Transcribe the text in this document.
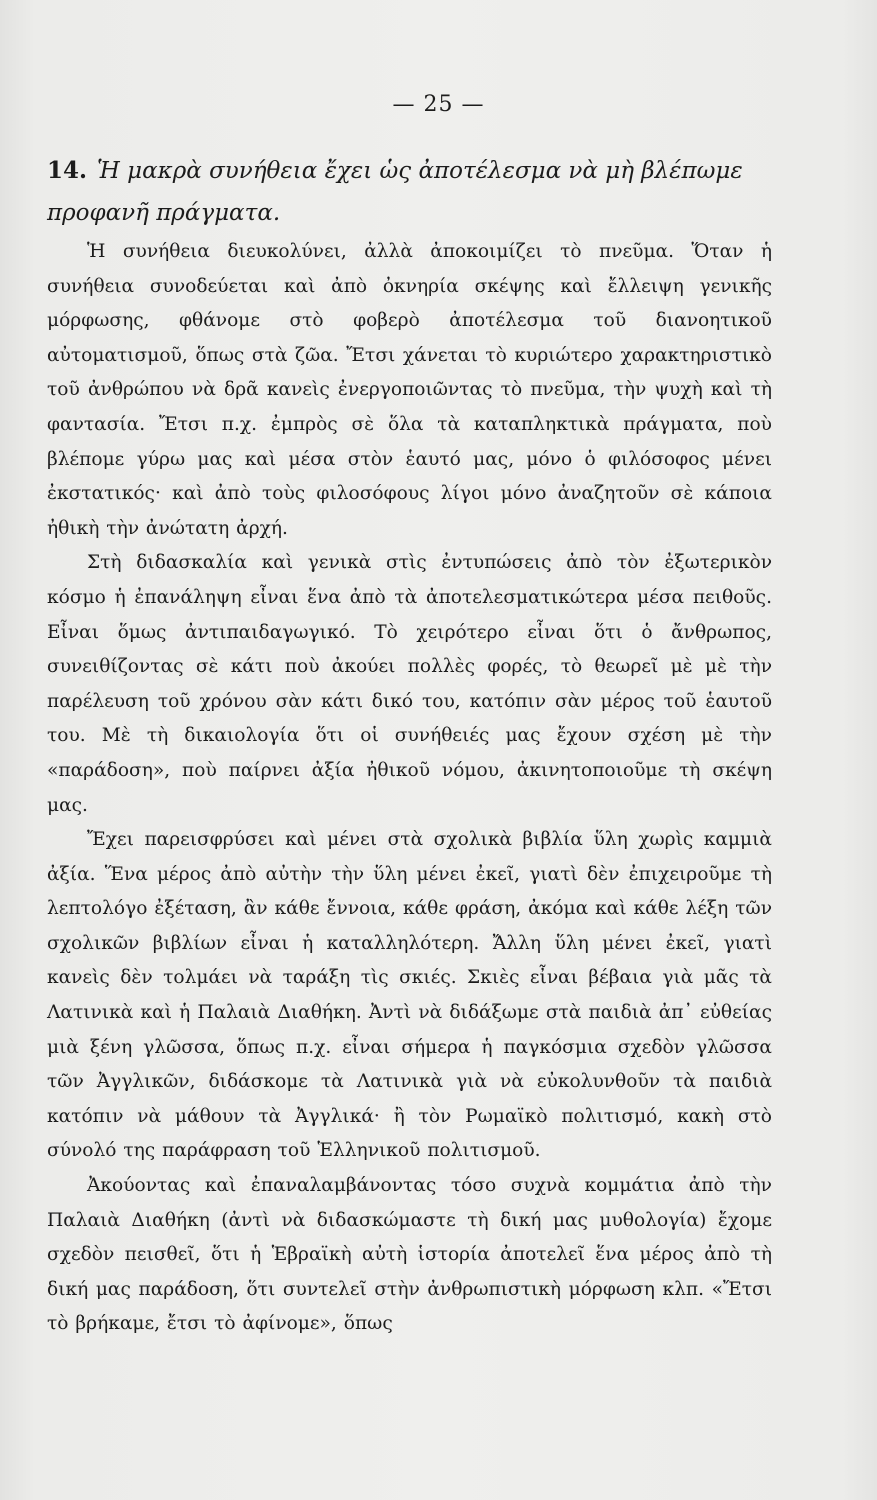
— 25 —
14. Ἡ μακρὰ συνήθεια ἔχει ὡς ἀποτέλεσμα νὰ μὴ βλέπωμε προφανῆ πράγματα.

Ἡ συνήθεια διευκολύνει, ἀλλὰ ἀποκοιμίζει τὸ πνεῦμα. Ὅταν ἡ συνήθεια συνοδεύεται καὶ ἀπὸ ὀκνηρία σκέψης καὶ ἔλλειψη γενικῆς μόρφωσης, φθάνομε στὸ φοβερὸ ἀποτέλεσμα τοῦ διανοητικοῦ αὐτοματισμοῦ, ὅπως στὰ ζῶα. Ἔτσι χάνεται τὸ κυριώτερο χαρακτηριστικὸ τοῦ ἀνθρώπου νὰ δρᾶ κανεὶς ἐνεργοποιῶντας τὸ πνεῦμα, τὴν ψυχὴ καὶ τὴ φαντασία. Ἔτσι π.χ. ἐμπρὸς σὲ ὅλα τὰ καταπληκτικὰ πράγματα, ποὺ βλέπομε γύρω μας καὶ μέσα στὸν ἑαυτό μας, μόνο ὁ φιλόσοφος μένει ἐκστατικός· καὶ ἀπὸ τοὺς φιλοσόφους λίγοι μόνο ἀναζητοῦν σὲ κάποια ἠθικὴ τὴν ἀνώτατη ἀρχή.

Στὴ διδασκαλία καὶ γενικὰ στὶς ἐντυπώσεις ἀπὸ τὸν ἐξωτερικὸν κόσμο ἡ ἐπανάληψη εἶναι ἕνα ἀπὸ τὰ ἀποτελεσματικώτερα μέσα πειθοῦς. Εἶναι ὅμως ἀντιπαιδαγωγικό. Τὸ χειρότερο εἶναι ὅτι ὁ ἄνθρωπος, συνειθίζοντας σὲ κάτι ποὺ ἀκούει πολλὲς φορές, τὸ θεωρεῖ μὲ μὲ τὴν παρέλευση τοῦ χρόνου σὰν κάτι δικό του, κατόπιν σὰν μέρος τοῦ ἑαυτοῦ του. Μὲ τὴ δικαιολογία ὅτι οἱ συνήθειές μας ἔχουν σχέση μὲ τὴν «παράδοση», ποὺ παίρνει ἀξία ἠθικοῦ νόμου, ἀκινητοποιοῦμε τὴ σκέψη μας.

Ἔχει παρεισφρύσει καὶ μένει στὰ σχολικὰ βιβλία ὕλη χωρὶς καμμιὰ ἀξία. Ἕνα μέρος ἀπὸ αὐτὴν τὴν ὕλη μένει ἐκεῖ, γιατὶ δὲν ἐπιχειροῦμε τὴ λεπτολόγο ἐξέταση, ἂν κάθε ἔννοια, κάθε φράση, ἀκόμα καὶ κάθε λέξη τῶν σχολικῶν βιβλίων εἶναι ἡ καταλληλότερη. Ἄλλη ὕλη μένει ἐκεῖ, γιατὶ κανεὶς δὲν τολμάει νὰ ταράξη τὶς σκιές. Σκιὲς εἶναι βέβαια γιὰ μᾶς τὰ Λατινικὰ καὶ ἡ Παλαιὰ Διαθήκη. Ἀντὶ νὰ διδάξωμε στὰ παιδιὰ ἀπ᾽ εὐθείας μιὰ ξένη γλῶσσα, ὅπως π.χ. εἶναι σήμερα ἡ παγκόσμια σχεδὸν γλῶσσα τῶν Ἀγγλικῶν, διδάσκομε τὰ Λατινικὰ γιὰ νὰ εὐκολυνθοῦν τὰ παιδιὰ κατόπιν νὰ μάθουν τὰ Ἀγγλικά· ἢ τὸν Ρωμαϊκὸ πολιτισμό, κακὴ στὸ σύνολό της παράφραση τοῦ Ἑλληνικοῦ πολιτισμοῦ.

Ἀκούοντας καὶ ἐπαναλαμβάνοντας τόσο συχνὰ κομμάτια ἀπὸ τὴν Παλαιὰ Διαθήκη (ἀντὶ νὰ διδασκώμαστε τὴ δική μας μυθολογία) ἔχομε σχεδὸν πεισθεῖ, ὅτι ἡ Ἑβραϊκὴ αὐτὴ ἱστορία ἀποτελεῖ ἕνα μέρος ἀπὸ τὴ δική μας παράδοση, ὅτι συντελεῖ στὴν ἀνθρωπιστικὴ μόρφωση κλπ. «Ἔτσι τὸ βρήκαμε, ἔτσι τὸ ἀφίνομε», ὅπως
